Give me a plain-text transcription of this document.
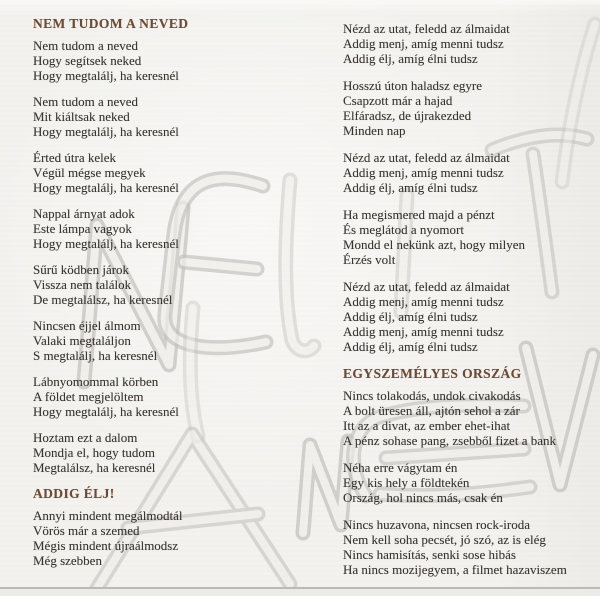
NEM TUDOM A NEVED

Nem tudom a neved
Hogy segítsek neked
Hogy megtalálj, ha keresnél

Nem tudom a neved
Mit kiáltsak neked
Hogy megtalálj, ha keresnél

Érted útra kelek
Végül mégse megyek
Hogy megtalálj, ha keresnél

Nappal árnyat adok
Este lámpa vagyok
Hogy megtalálj, ha keresnél

Sűrű ködben járok
Vissza nem találok
De megtalálsz, ha keresnél

Nincsen éjjel álmom
Valaki megtaláljon
S megtalálj, ha keresnél

Lábnyomommal körben
A földet megjelöltem
Hogy megtalálj, ha keresnél

Hoztam ezt a dalom
Mondja el, hogy tudom
Megtalálsz, ha keresnél

ADDIG ÉLJ!

Annyi mindent megálmodtál
Vörös már a szemed
Mégis mindent újraálmodsz
Még szebben

Nézd az utat, feledd az álmaidat
Addig menj, amíg menni tudsz
Addig élj, amíg élni tudsz

Hosszú úton haladsz egyre
Csapzott már a hajad
Elfáradsz, de újrakezded
Minden nap

Nézd az utat, feledd az álmaidat
Addig menj, amíg menni tudsz
Addig élj, amíg élni tudsz

Ha megismered majd a pénzt
És meglátod a nyomort
Mondd el nekünk azt, hogy milyen
Érzés volt

Nézd az utat, feledd az álmaidat
Addig menj, amíg menni tudsz
Addig élj, amíg élni tudsz
Addig menj, amíg menni tudsz
Addig élj, amíg élni tudsz

EGYSZEMÉLYES ORSZÁG

Nincs tolakodás, undok civakodás
A bolt üresen áll, ajtón sehol a zár
Itt az a divat, az ember ehet-ihat
A pénz sohase pang, zsebből fizet a bank

Néha erre vágytam én
Egy kis hely a földtekén
Ország, hol nincs más, csak én

Nincs huzavona, nincsen rock-iroda
Nem kell soha pecsét, jó szó, az is elég
Nincs hamisítás, senki sose hibás
Ha nincs mozijegyem, a filmet hazaviszem
